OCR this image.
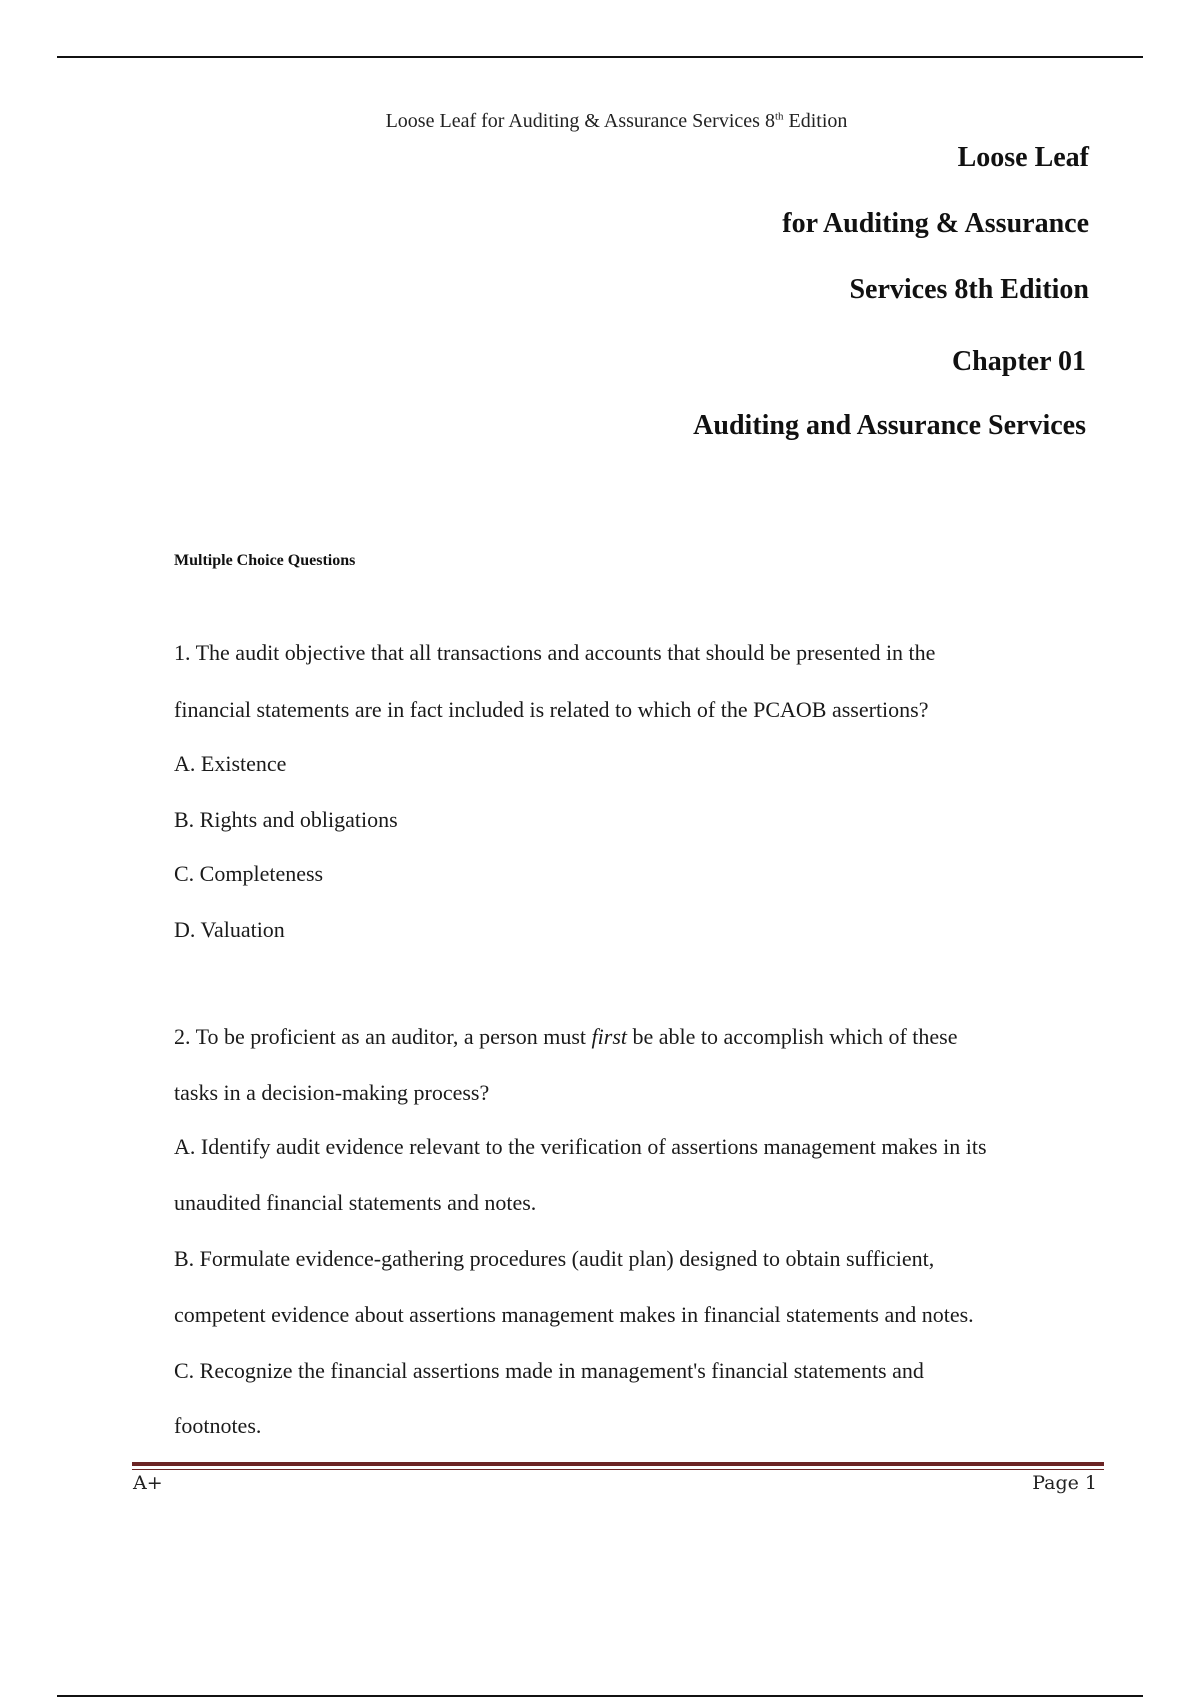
Loose Leaf for Auditing & Assurance Services 8th Edition
Loose Leaf
for Auditing & Assurance
Services 8th Edition
Chapter 01
Auditing and Assurance Services
Multiple Choice Questions
1. The audit objective that all transactions and accounts that should be presented in the
financial statements are in fact included is related to which of the PCAOB assertions?
A. Existence
B. Rights and obligations
C. Completeness
D. Valuation
2. To be proficient as an auditor, a person must first be able to accomplish which of these
tasks in a decision-making process?
A. Identify audit evidence relevant to the verification of assertions management makes in its
unaudited financial statements and notes.
B. Formulate evidence-gathering procedures (audit plan) designed to obtain sufficient,
competent evidence about assertions management makes in financial statements and notes.
C. Recognize the financial assertions made in management's financial statements and
footnotes.
A+	Page 1
